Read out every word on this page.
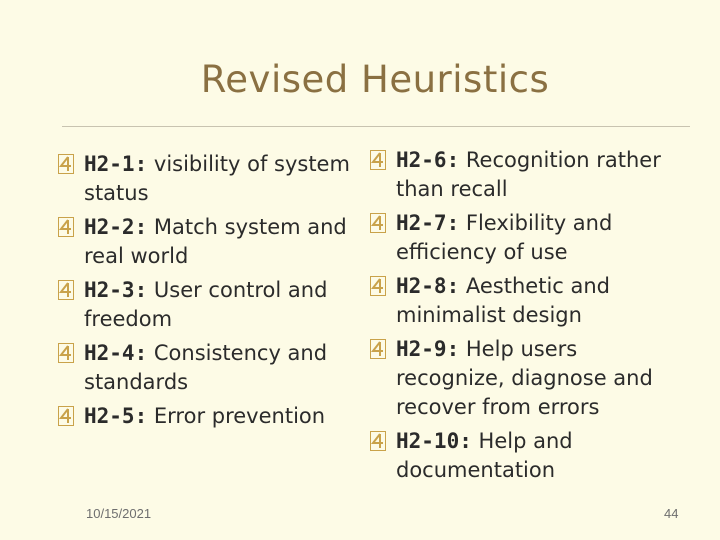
Revised Heuristics
H2-1: visibility of system status
H2-2: Match system and real world
H2-3: User control and freedom
H2-4: Consistency and standards
H2-5: Error prevention
H2-6: Recognition rather than recall
H2-7: Flexibility and efficiency of use
H2-8: Aesthetic and minimalist design
H2-9: Help users recognize, diagnose and recover from errors
H2-10: Help and documentation
10/15/2021	44
